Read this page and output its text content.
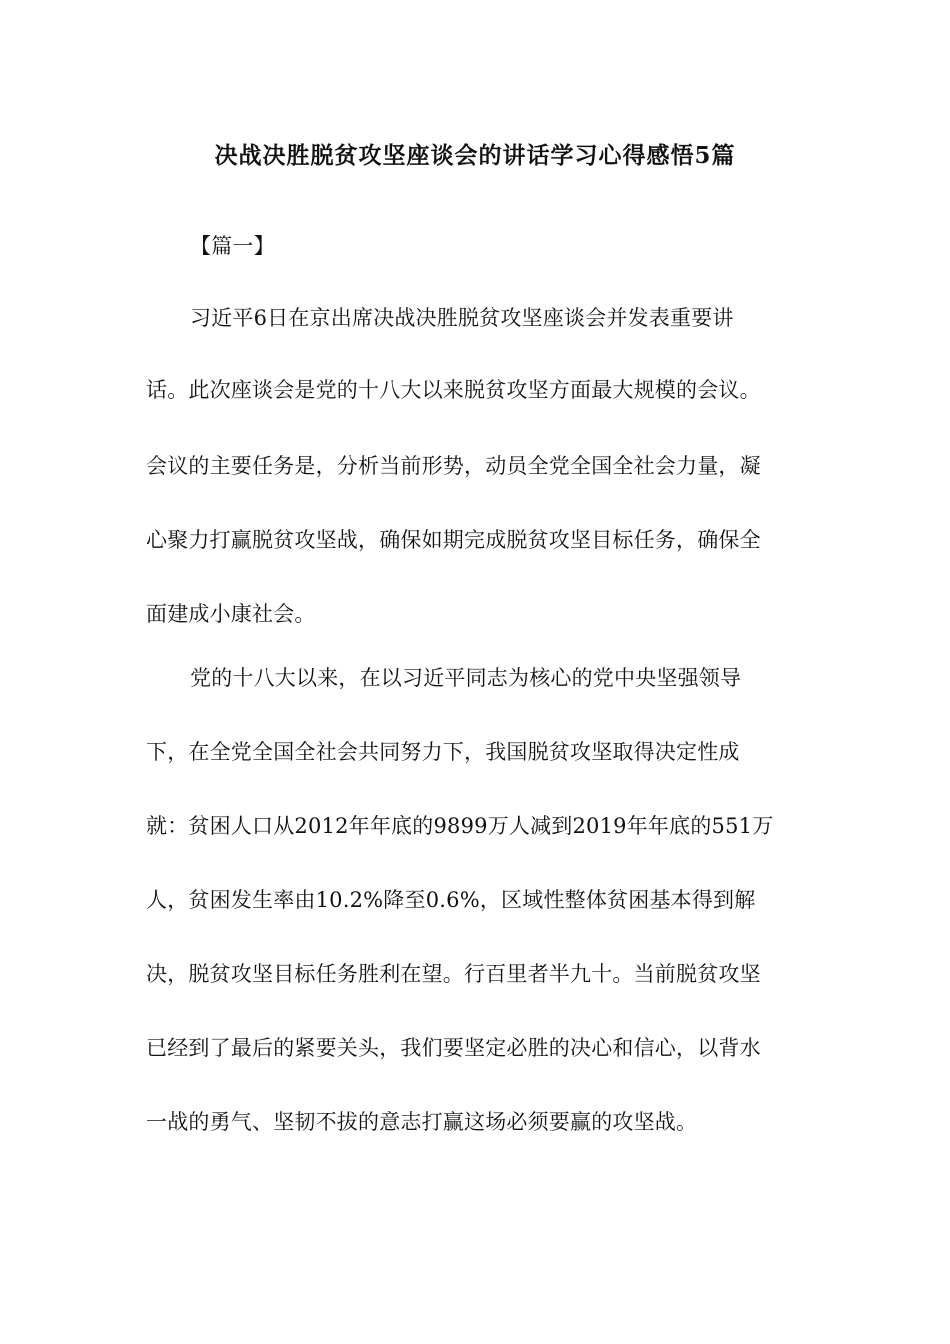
决战决胜脱贫攻坚座谈会的讲话学习心得感悟5篇
【篇一】
习近平6日在京出席决战决胜脱贫攻坚座谈会并发表重要讲
话。此次座谈会是党的十八大以来脱贫攻坚方面最大规模的会议。
会议的主要任务是，分析当前形势，动员全党全国全社会力量，凝
心聚力打赢脱贫攻坚战，确保如期完成脱贫攻坚目标任务，确保全
面建成小康社会。
党的十八大以来，在以习近平同志为核心的党中央坚强领导
下，在全党全国全社会共同努力下，我国脱贫攻坚取得决定性成
就：贫困人口从2012年年底的9899万人减到2019年年底的551万
人，贫困发生率由10.2%降至0.6%，区域性整体贫困基本得到解
决，脱贫攻坚目标任务胜利在望。行百里者半九十。当前脱贫攻坚
已经到了最后的紧要关头，我们要坚定必胜的决心和信心，以背水
一战的勇气、坚韧不拔的意志打赢这场必须要赢的攻坚战。
